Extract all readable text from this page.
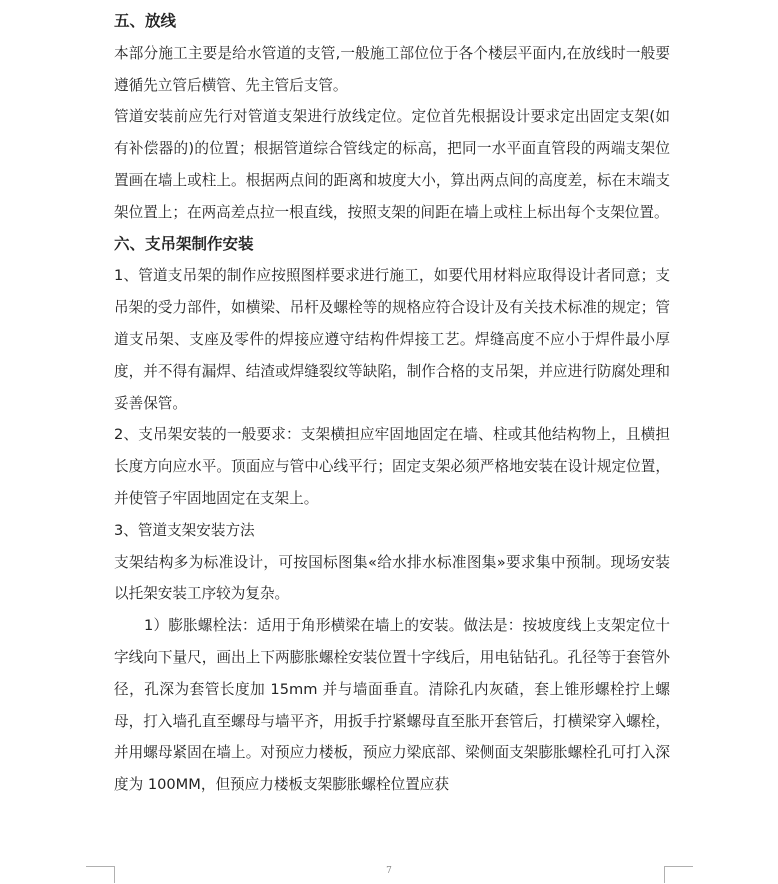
五、放线

本部分施工主要是给水管道的支管,一般施工部位位于各个楼层平面内,在放线时一般要遵循先立管后横管、先主管后支管。

管道安装前应先行对管道支架进行放线定位。定位首先根据设计要求定出固定支架(如有补偿器的)的位置；根据管道综合管线定的标高，把同一水平面直管段的两端支架位置画在墙上或柱上。根据两点间的距离和坡度大小，算出两点间的高度差，标在末端支架位置上；在两高差点拉一根直线，按照支架的间距在墙上或柱上标出每个支架位置。

六、支吊架制作安装

1、管道支吊架的制作应按照图样要求进行施工，如要代用材料应取得设计者同意；支吊架的受力部件，如横梁、吊杆及螺栓等的规格应符合设计及有关技术标准的规定；管道支吊架、支座及零件的焊接应遵守结构件焊接工艺。焊缝高度不应小于焊件最小厚度，并不得有漏焊、结渣或焊缝裂纹等缺陷，制作合格的支吊架，并应进行防腐处理和妥善保管。

2、支吊架安装的一般要求：支架横担应牢固地固定在墙、柱或其他结构物上，且横担长度方向应水平。顶面应与管中心线平行；固定支架必须严格地安装在设计规定位置，并使管子牢固地固定在支架上。

3、管道支架安装方法

支架结构多为标准设计，可按国标图集«给水排水标准图集»要求集中预制。现场安装以托架安装工序较为复杂。

1）膨胀螺栓法：适用于角形横梁在墙上的安装。做法是：按坡度线上支架定位十字线向下量尺，画出上下两膨胀螺栓安装位置十字线后，用电钻钻孔。孔径等于套管外径，孔深为套管长度加 15mm 并与墙面垂直。清除孔内灰碴，套上锥形螺栓拧上螺母，打入墙孔直至螺母与墙平齐，用扳手拧紧螺母直至胀开套管后，打横梁穿入螺栓，并用螺母紧固在墙上。对预应力楼板，预应力梁底部、梁侧面支架膨胀螺栓孔可打入深度为 100MM，但预应力楼板支架膨胀螺栓位置应获

7
